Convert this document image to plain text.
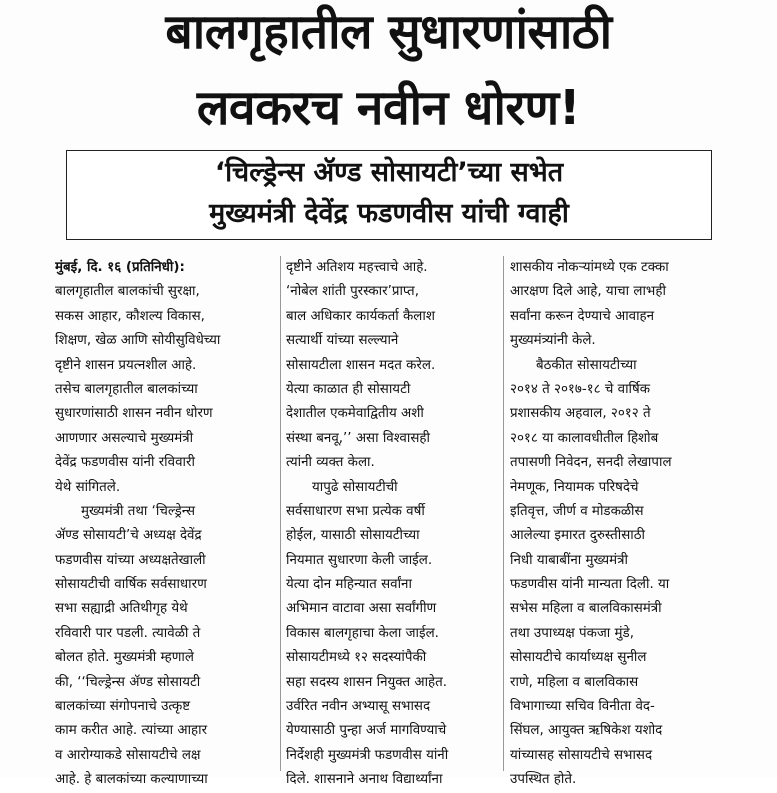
बालगृहातील सुधारणांसाठी
लवकरच नवीन धोरण!
‘चिल्ड्रेन्स ॲण्ड सोसायटी’च्या सभेत
मुख्यमंत्री देवेंद्र फडणवीस यांची ग्वाही
मुंबई, दि. १६ (प्रतिनिधी):
बालगृहातील बालकांची सुरक्षा,
सकस आहार, कौशल्य विकास,
शिक्षण, खेळ आणि सोयीसुविधेच्या
दृष्टीने शासन प्रयत्नशील आहे.
तसेच बालगृहातील बालकांच्या
सुधारणांसाठी शासन नवीन धोरण
आणणार असल्याचे मुख्यमंत्री
देवेंद्र फडणवीस यांनी रविवारी
येथे सांगितले.
मुख्यमंत्री तथा ‘चिल्ड्रेन्स
ॲण्ड सोसायटी’चे अध्यक्ष देवेंद्र
फडणवीस यांच्या अध्यक्षतेखाली
सोसायटीची वार्षिक सर्वसाधारण
सभा सह्याद्री अतिथीगृह येथे
रविवारी पार पडली. त्यावेळी ते
बोलत होते. मुख्यमंत्री म्हणाले
की, ‘‘चिल्ड्रेन्स ॲण्ड सोसायटी
बालकांच्या संगोपनाचे उत्कृष्ट
काम करीत आहे. त्यांच्या आहार
व आरोग्याकडे सोसायटीचे लक्ष
आहे. हे बालकांच्या कल्याणाच्या
दृष्टीने अतिशय महत्त्वाचे आहे.
‘नोबेल शांती पुरस्कार’प्राप्त,
बाल अधिकार कार्यकर्ता कैलाश
सत्यार्थी यांच्या सल्ल्याने
सोसायटीला शासन मदत करेल.
येत्या काळात ही सोसायटी
देशातील एकमेवाद्वितीय अशी
संस्था बनवू,’’ असा विश्वासही
त्यांनी व्यक्त केला.
यापुढे सोसायटीची
सर्वसाधारण सभा प्रत्येक वर्षी
होईल, यासाठी सोसायटीच्या
नियमात सुधारणा केली जाईल.
येत्या दोन महिन्यात सर्वांना
अभिमान वाटावा असा सर्वांगीण
विकास बालगृहाचा केला जाईल.
सोसायटीमध्ये १२ सदस्यांपैकी
सहा सदस्य शासन नियुक्त आहेत.
उर्वरित नवीन अभ्यासू सभासद
येण्यासाठी पुन्हा अर्ज मागविण्याचे
निर्देशही मुख्यमंत्री फडणवीस यांनी
दिले. शासनाने अनाथ विद्यार्थ्यांना
शासकीय नोकऱ्यांमध्ये एक टक्का
आरक्षण दिले आहे, याचा लाभही
सर्वांना करून देण्याचे आवाहन
मुख्यमंत्र्यांनी केले.
बैठकीत सोसायटीच्या
२०१४ ते २०१७-१८ चे वार्षिक
प्रशासकीय अहवाल, २०१२ ते
२०१८ या कालावधीतील हिशोब
तपासणी निवेदन, सनदी लेखापाल
नेमणूक, नियामक परिषदेचे
इतिवृत्त, जीर्ण व मोडकळीस
आलेल्या इमारत दुरुस्तीसाठी
निधी याबाबींना मुख्यमंत्री
फडणवीस यांनी मान्यता दिली. या
सभेस महिला व बालविकासमंत्री
तथा उपाध्यक्ष पंकजा मुंडे,
सोसायटीचे कार्याध्यक्ष सुनील
राणे, महिला व बालविकास
विभागाच्या सचिव विनीता वेद-
सिंघल, आयुक्त ऋषिकेश यशोद
यांच्यासह सोसायटीचे सभासद
उपस्थित होते.
